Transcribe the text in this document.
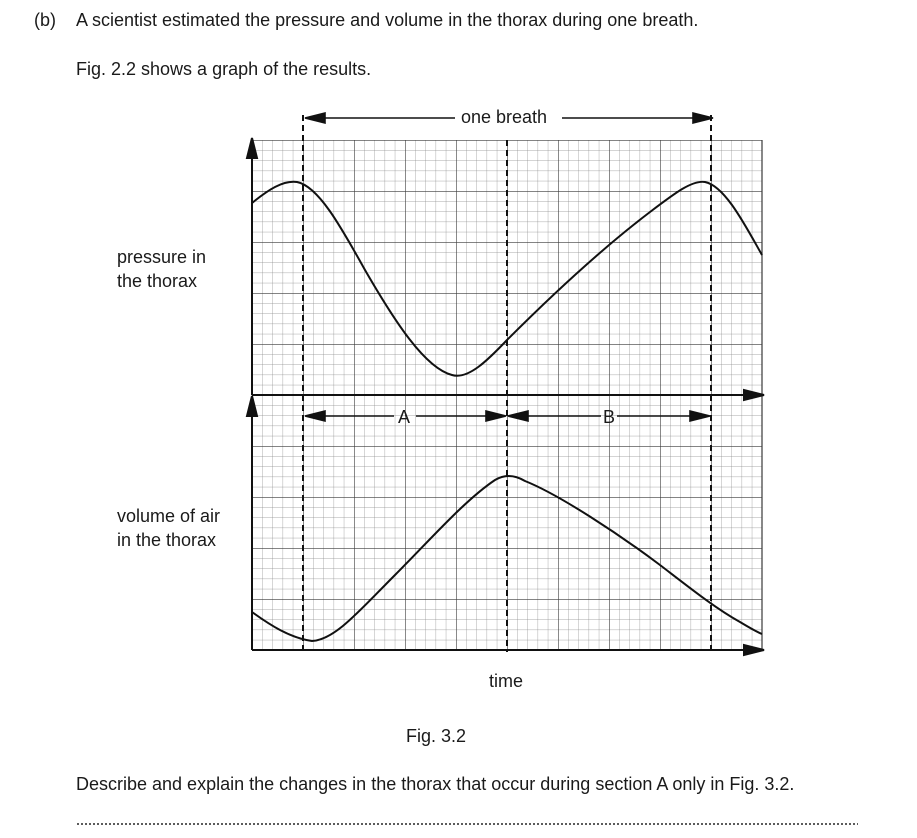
(b) A scientist estimated the pressure and volume in the thorax during one breath.
Fig. 2.2 shows a graph of the results.
one breath
A	B
pressure in
the thorax
volume of air
in the thorax
time
Fig. 3.2
Describe and explain the changes in the thorax that occur during section A only in Fig. 3.2.
